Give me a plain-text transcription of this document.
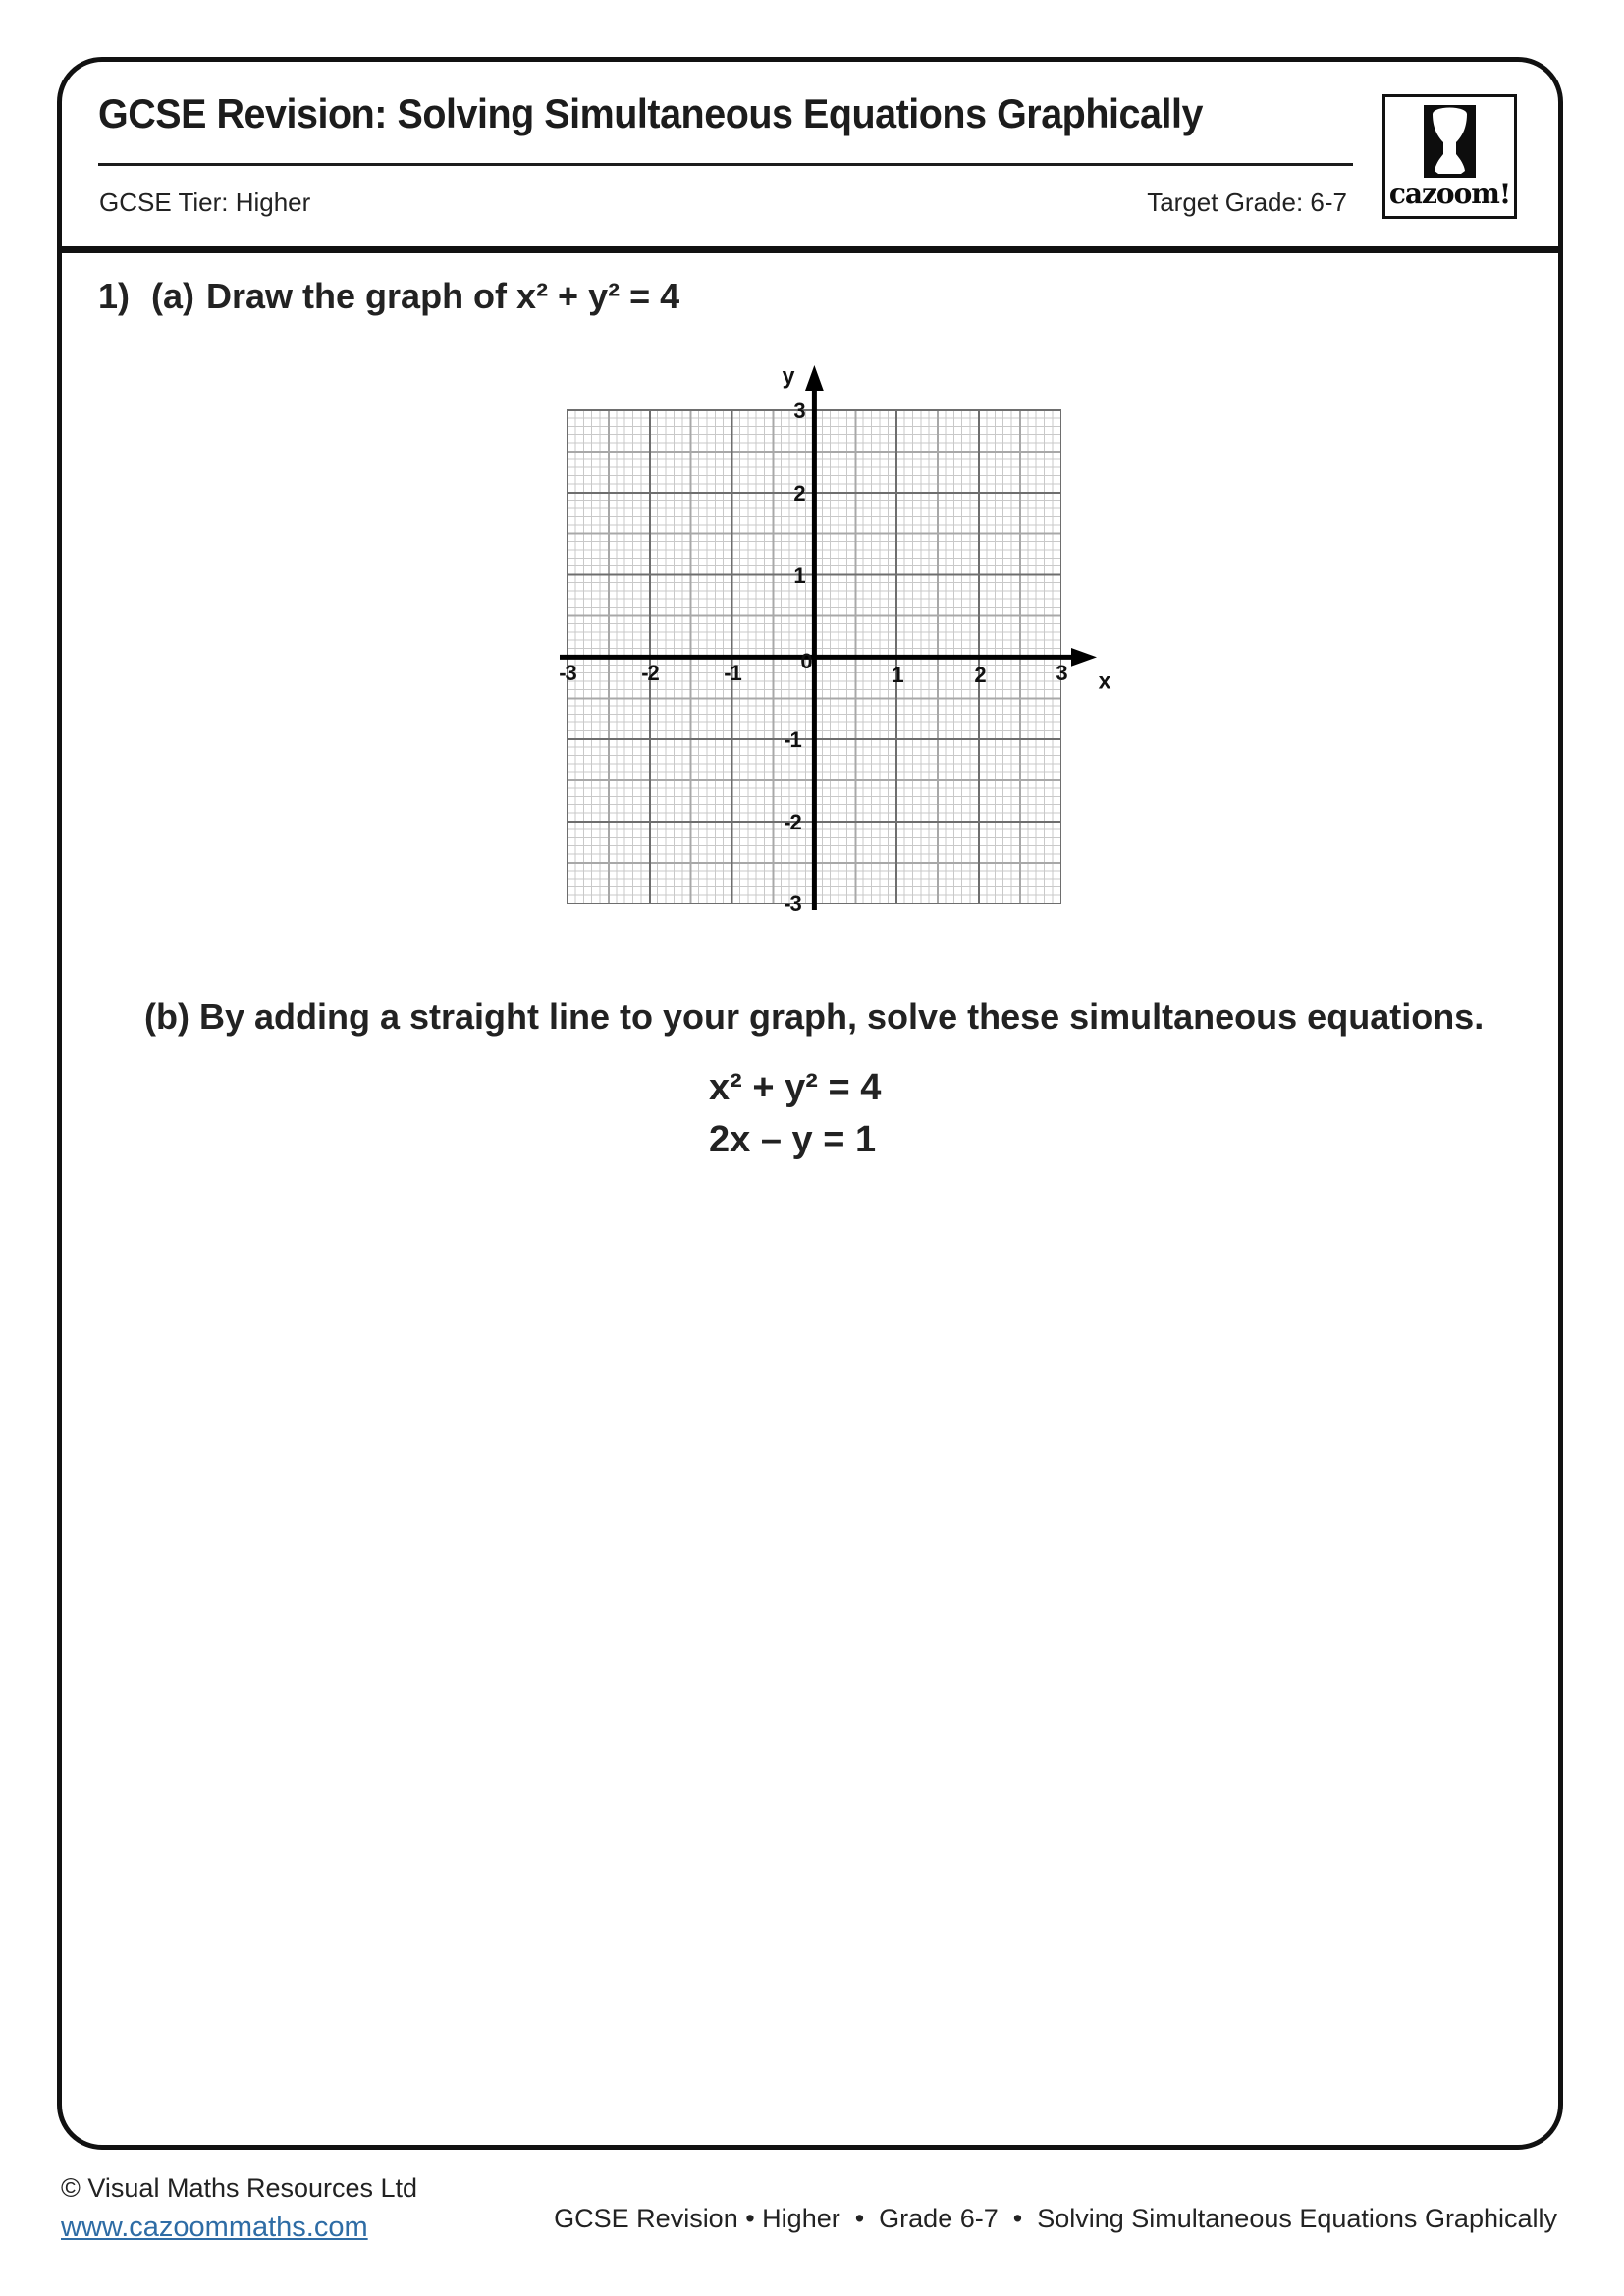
GCSE Revision: Solving Simultaneous Equations Graphically
GCSE Tier: Higher	Target Grade: 6-7 cazoom!
1) (a) Draw the graph of x² + y² = 4
3
2
1
-1
-2
-3
0
-3	-2	-1	1	2	3 x
y
(b) By adding a straight line to your graph, solve these simultaneous equations.
x² + y² = 4
2x – y = 1
© Visual Maths Resources Ltd
www.cazoommaths.com	GCSE Revision • Higher  •  Grade 6-7  •  Solving Simultaneous Equations Graphically
